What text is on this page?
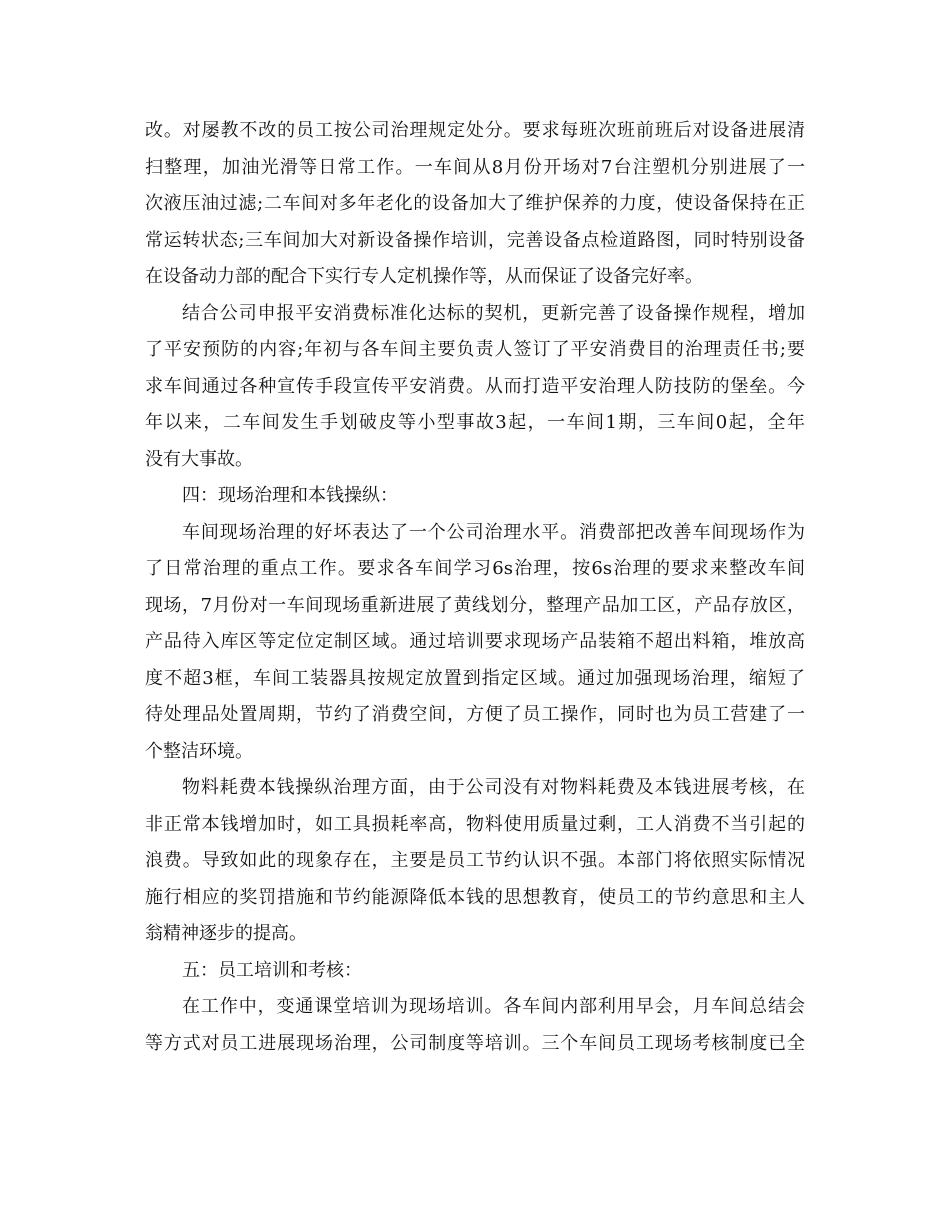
改。对屡教不改的员工按公司治理规定处分。要求每班次班前班后对设备进展清
扫整理，加油光滑等日常工作。一车间从8月份开场对7台注塑机分别进展了一
次液压油过滤;二车间对多年老化的设备加大了维护保养的力度，使设备保持在正
常运转状态;三车间加大对新设备操作培训，完善设备点检道路图，同时特别设备
在设备动力部的配合下实行专人定机操作等，从而保证了设备完好率。
结合公司申报平安消费标准化达标的契机，更新完善了设备操作规程，增加
了平安预防的内容;年初与各车间主要负责人签订了平安消费目的治理责任书;要
求车间通过各种宣传手段宣传平安消费。从而打造平安治理人防技防的堡垒。今
年以来，二车间发生手划破皮等小型事故3起，一车间1期，三车间0起，全年
没有大事故。
四：现场治理和本钱操纵：
车间现场治理的好坏表达了一个公司治理水平。消费部把改善车间现场作为
了日常治理的重点工作。要求各车间学习6s治理，按6s治理的要求来整改车间
现场，7月份对一车间现场重新进展了黄线划分，整理产品加工区，产品存放区，
产品待入库区等定位定制区域。通过培训要求现场产品装箱不超出料箱，堆放高
度不超3框，车间工装器具按规定放置到指定区域。通过加强现场治理，缩短了
待处理品处置周期，节约了消费空间，方便了员工操作，同时也为员工营建了一
个整洁环境。
物料耗费本钱操纵治理方面，由于公司没有对物料耗费及本钱进展考核，在
非正常本钱增加时，如工具损耗率高，物料使用质量过剩，工人消费不当引起的
浪费。导致如此的现象存在，主要是员工节约认识不强。本部门将依照实际情况
施行相应的奖罚措施和节约能源降低本钱的思想教育，使员工的节约意思和主人
翁精神逐步的提高。
五：员工培训和考核：
在工作中，变通课堂培训为现场培训。各车间内部利用早会，月车间总结会
等方式对员工进展现场治理，公司制度等培训。三个车间员工现场考核制度已全
